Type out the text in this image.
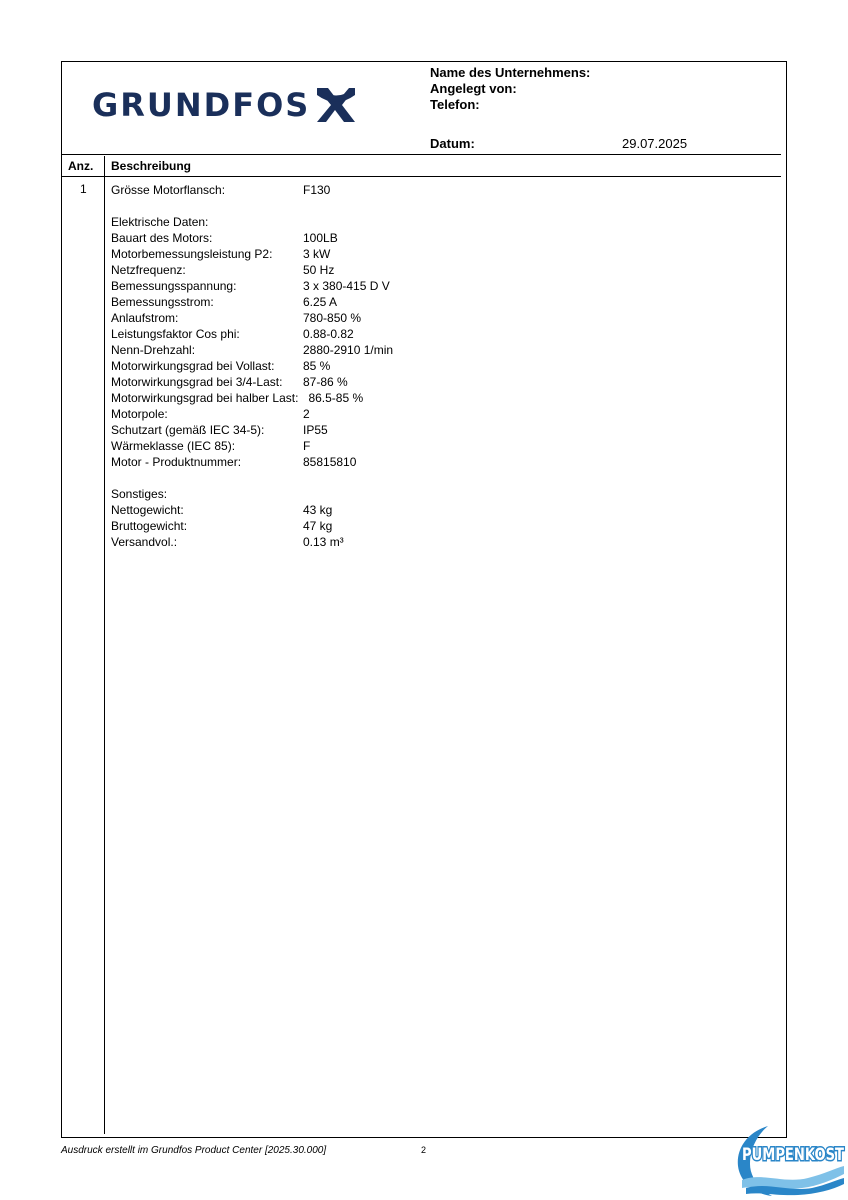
GRUNDFOS
Name des Unternehmens:
Angelegt von:
Telefon:
Datum:	29.07.2025
Anz. Beschreibung
1 Grösse Motorflansch:	F130
Elektrische Daten:
Bauart des Motors:	100LB
Motorbemessungsleistung P2:	3 kW
Netzfrequenz:	50 Hz
Bemessungsspannung:	3 x 380-415 D V
Bemessungsstrom:	6.25 A
Anlaufstrom:	780-850 %
Leistungsfaktor Cos phi:	0.88-0.82
Nenn-Drehzahl:	2880-2910 1/min
Motorwirkungsgrad bei Vollast: 85 %
Motorwirkungsgrad bei 3/4-Last: 87-86 %
Motorwirkungsgrad bei halber Last: 86.5-85 %
Motorpole:	2
Schutzart (gemäß IEC 34-5):	IP55
Wärmeklasse (IEC 85):	F
Motor - Produktnummer:	85815810
Sonstiges:
Nettogewicht:	43 kg
Bruttogewicht:	47 kg
Versandvol.:	0.13 m³
Ausdruck erstellt im Grundfos Product Center [2025.30.000]	2	PUMPENKOST
